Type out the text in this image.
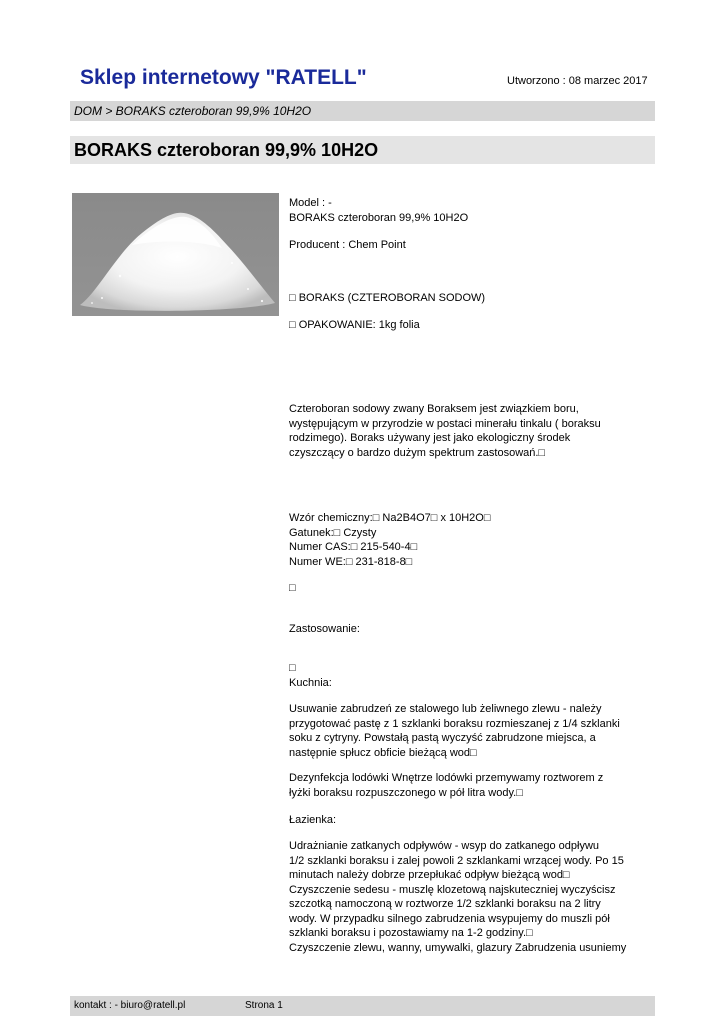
Sklep internetowy "RATELL"	Utworzono : 08 marzec 2017
DOM > BORAKS czteroboran 99,9% 10H2O
BORAKS czteroboran 99,9% 10H2O
Model : -
BORAKS czteroboran 99,9% 10H2O
Producent : Chem Point
□ BORAKS (CZTEROBORAN SODOW)
□ OPAKOWANIE: 1kg folia
Czteroboran sodowy zwany Boraksem jest związkiem boru,
występującym w przyrodzie w postaci minerału tinkalu ( boraksu
rodzimego). Boraks używany jest jako ekologiczny środek
czyszczący o bardzo dużym spektrum zastosowań.□
Wzór chemiczny:□ Na2B4O7□ x 10H2O□
Gatunek:□ Czysty
Numer CAS:□ 215-540-4□
Numer WE:□ 231-818-8□
□
Zastosowanie:
□
Kuchnia:
Usuwanie zabrudzeń ze stalowego lub żeliwnego zlewu - należy
przygotować pastę z 1 szklanki boraksu rozmieszanej z 1/4 szklanki
soku z cytryny. Powstałą pastą wyczyść zabrudzone miejsca, a
następnie spłucz obficie bieżącą wod□
Dezynfekcja lodówki Wnętrze lodówki przemywamy roztworem z
łyżki boraksu rozpuszczonego w pół litra wody.□
Łazienka:
Udrażnianie zatkanych odpływów - wsyp do zatkanego odpływu
1/2 szklanki boraksu i zalej powoli 2 szklankami wrzącej wody. Po 15
minutach należy dobrze przepłukać odpływ bieżącą wod□
Czyszczenie sedesu - muszlę klozetową najskuteczniej wyczyścisz
szczotką namoczoną w roztworze 1/2 szklanki boraksu na 2 litry
wody. W przypadku silnego zabrudzenia wsypujemy do muszli pół
szklanki boraksu i pozostawiamy na 1-2 godziny.□
Czyszczenie zlewu, wanny, umywalki, glazury Zabrudzenia usuniemy
kontakt : - biuro@ratell.pl	Strona 1
